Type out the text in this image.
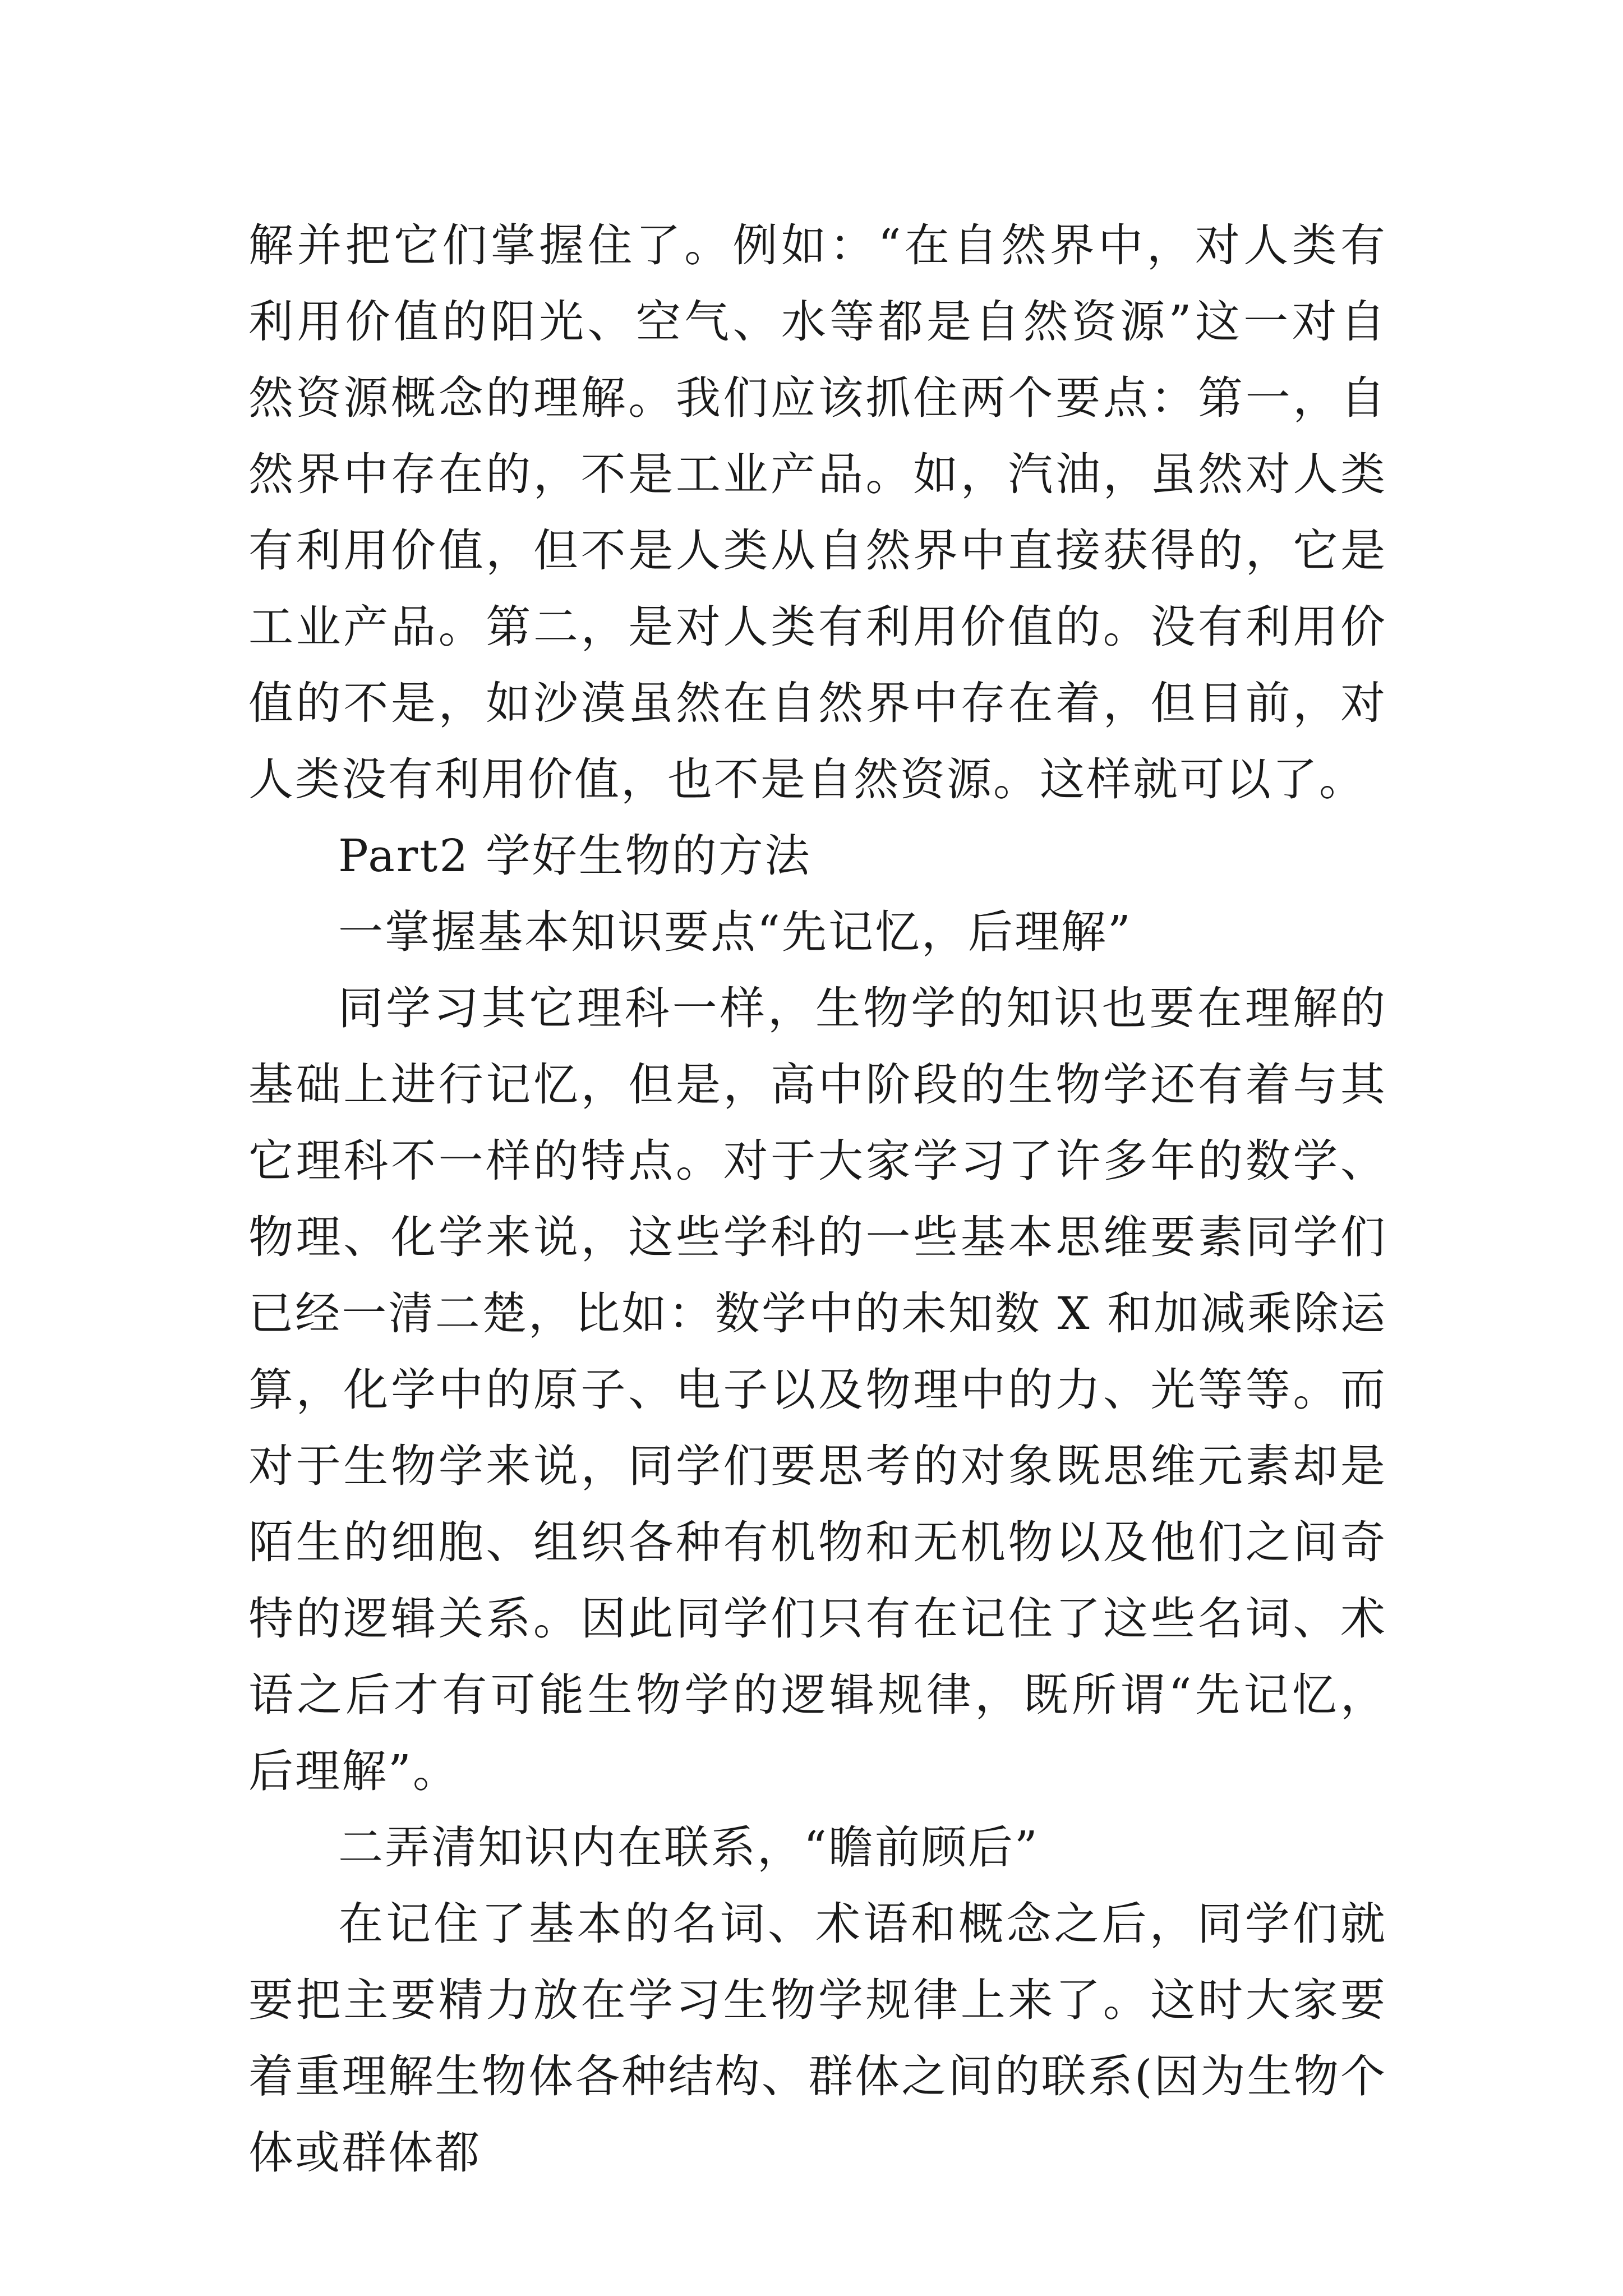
解并把它们掌握住了。例如：“在自然界中，对人类有利用价值的阳光、空气、水等都是自然资源”这一对自然资源概念的理解。我们应该抓住两个要点：第一，自然界中存在的，不是工业产品。如，汽油，虽然对人类有利用价值，但不是人类从自然界中直接获得的，它是工业产品。第二，是对人类有利用价值的。没有利用价值的不是，如沙漠虽然在自然界中存在着，但目前，对人类没有利用价值，也不是自然资源。这样就可以了。

Part2 学好生物的方法

一掌握基本知识要点“先记忆，后理解”

同学习其它理科一样，生物学的知识也要在理解的基础上进行记忆，但是，高中阶段的生物学还有着与其它理科不一样的特点。对于大家学习了许多年的数学、物理、化学来说，这些学科的一些基本思维要素同学们已经一清二楚，比如：数学中的未知数 X 和加减乘除运算，化学中的原子、电子以及物理中的力、光等等。而对于生物学来说，同学们要思考的对象既思维元素却是陌生的细胞、组织各种有机物和无机物以及他们之间奇特的逻辑关系。因此同学们只有在记住了这些名词、术语之后才有可能生物学的逻辑规律，既所谓“先记忆，后理解”。

二弄清知识内在联系，“瞻前顾后”

在记住了基本的名词、术语和概念之后，同学们就要把主要精力放在学习生物学规律上来了。这时大家要着重理解生物体各种结构、群体之间的联系(因为生物个体或群体都
